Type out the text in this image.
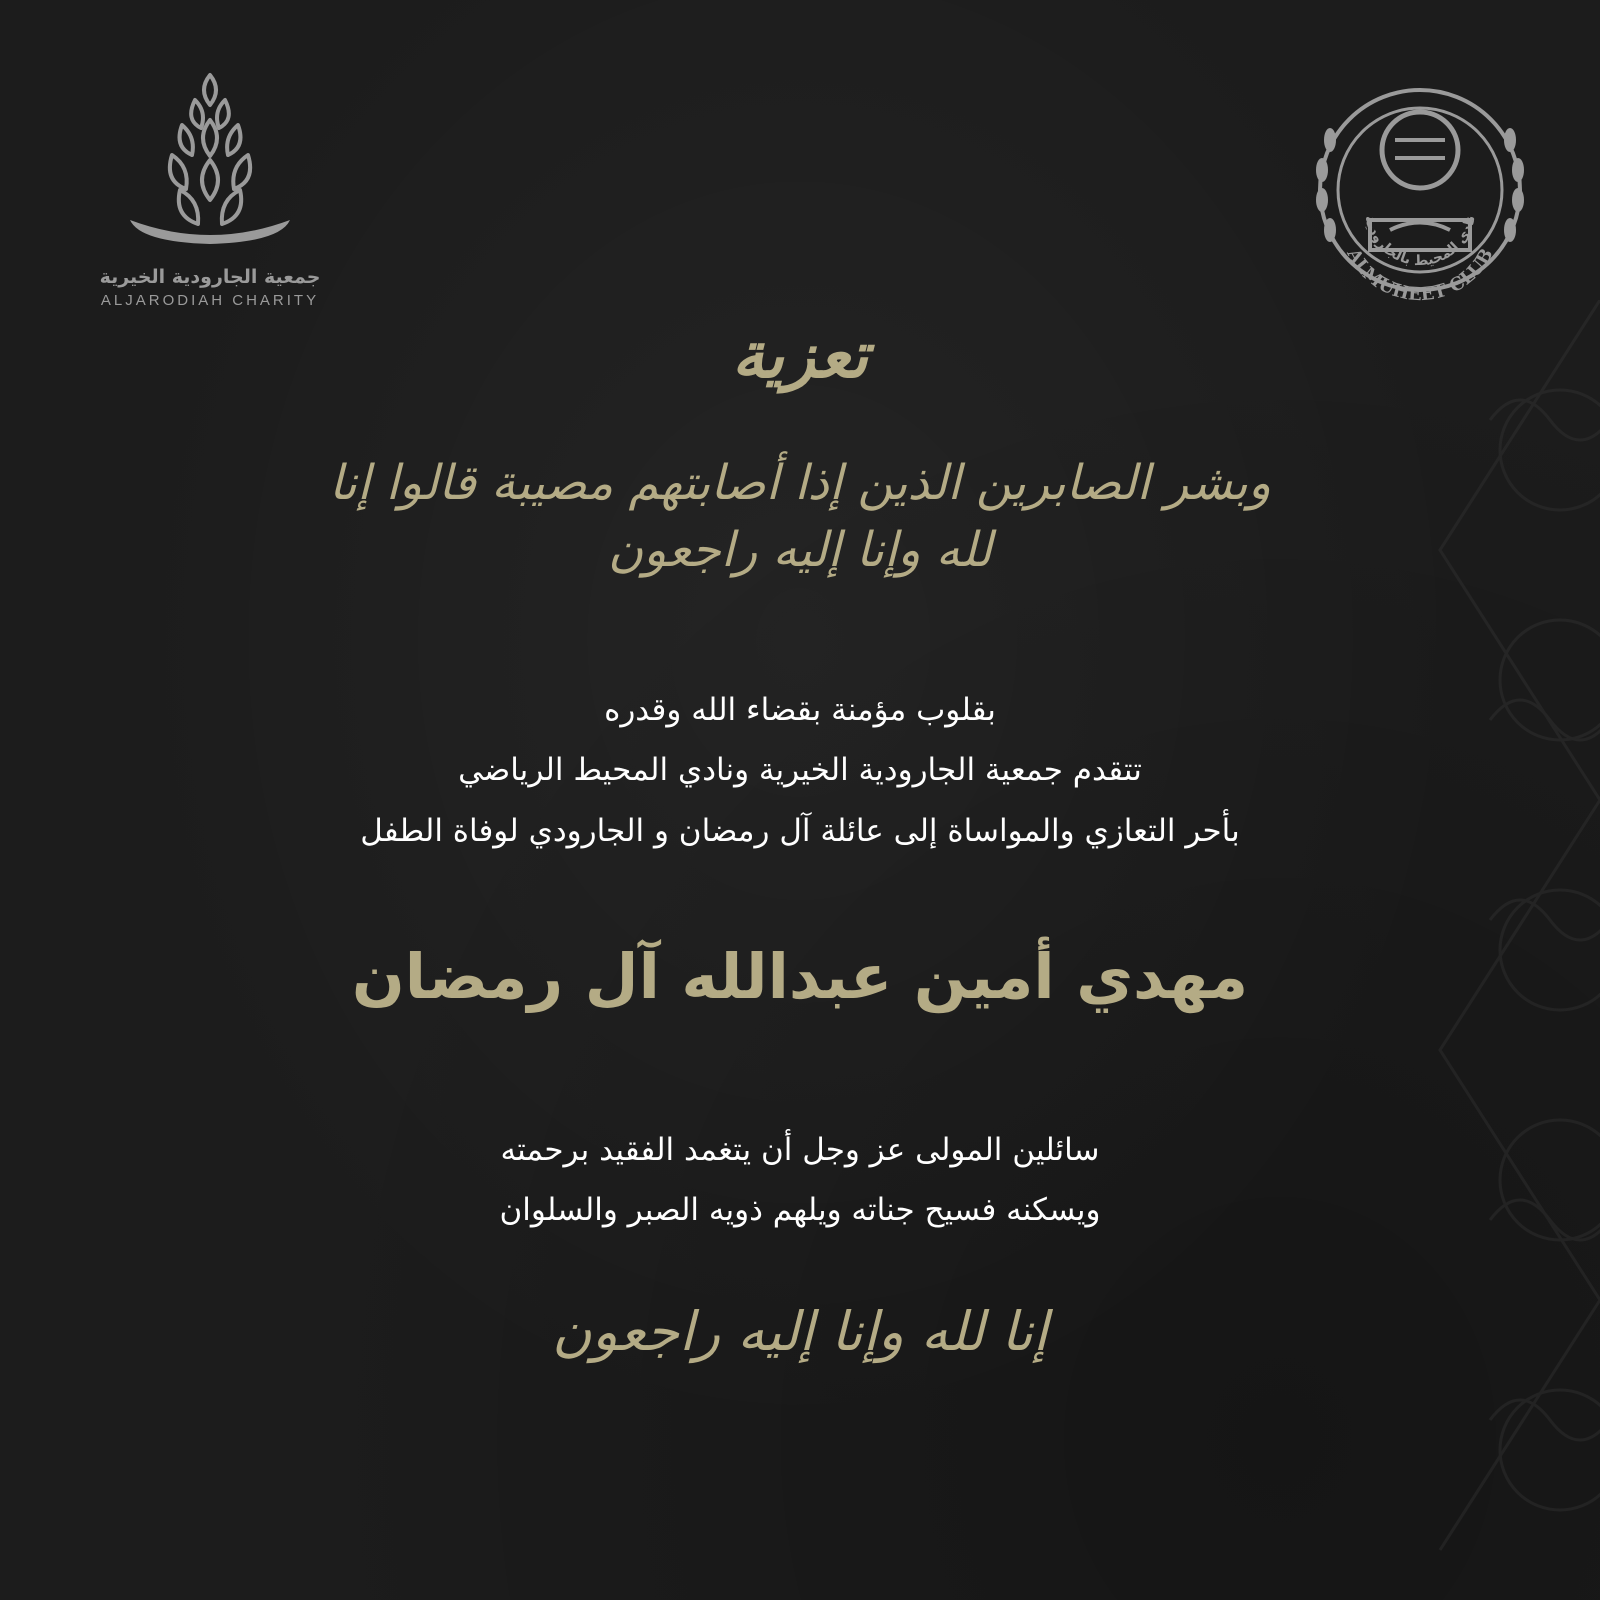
جمعية الجارودية الخيرية
ALJARODIAH CHARITY
ALMUHEET CLUB
نادي المحيط بالجارودية
تعزية
وبشر الصابرين الذين إذا أصابتهم مصيبة قالوا إنا لله وإنا إليه راجعون
بقلوب مؤمنة بقضاء الله وقدره
تتقدم جمعية الجارودية الخيرية ونادي المحيط الرياضي
بأحر التعازي والمواساة إلى عائلة آل رمضان و الجارودي لوفاة الطفل
مهدي أمين عبدالله آل رمضان
سائلين المولى عز وجل أن يتغمد الفقيد برحمته
ويسكنه فسيح جناته ويلهم ذويه الصبر والسلوان
إنا لله وإنا إليه راجعون
